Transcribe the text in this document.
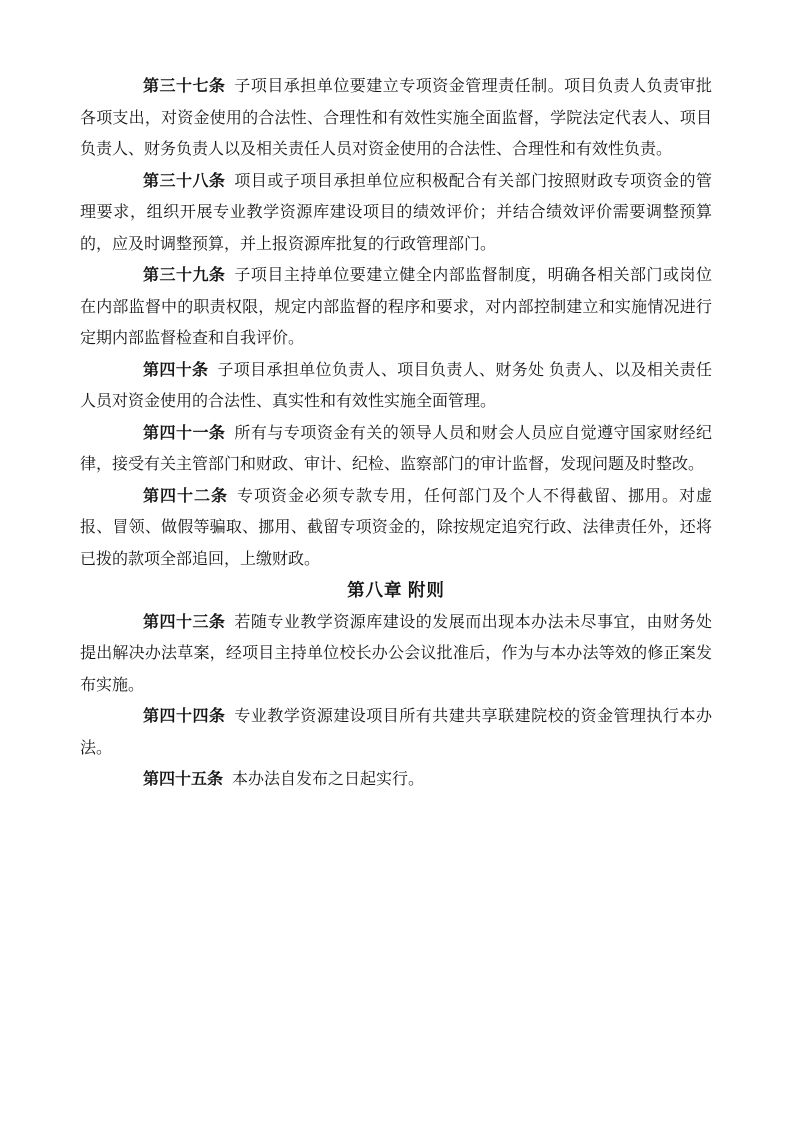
第三十七条 子项目承担单位要建立专项资金管理责任制。项目负责人负责审批各项支出，对资金使用的合法性、合理性和有效性实施全面监督，学院法定代表人、项目负责人、财务负责人以及相关责任人员对资金使用的合法性、合理性和有效性负责。

第三十八条 项目或子项目承担单位应积极配合有关部门按照财政专项资金的管理要求，组织开展专业教学资源库建设项目的绩效评价；并结合绩效评价需要调整预算的，应及时调整预算，并上报资源库批复的行政管理部门。

第三十九条 子项目主持单位要建立健全内部监督制度，明确各相关部门或岗位在内部监督中的职责权限，规定内部监督的程序和要求，对内部控制建立和实施情况进行定期内部监督检查和自我评价。

第四十条 子项目承担单位负责人、项目负责人、财务处 负责人、以及相关责任人员对资金使用的合法性、真实性和有效性实施全面管理。

第四十一条 所有与专项资金有关的领导人员和财会人员应自觉遵守国家财经纪律，接受有关主管部门和财政、审计、纪检、监察部门的审计监督，发现问题及时整改。

第四十二条 专项资金必须专款专用，任何部门及个人不得截留、挪用。对虚报、冒领、做假等骗取、挪用、截留专项资金的，除按规定追究行政、法律责任外，还将已拨的款项全部追回，上缴财政。

第八章 附则

第四十三条 若随专业教学资源库建设的发展而出现本办法未尽事宜，由财务处提出解决办法草案，经项目主持单位校长办公会议批准后，作为与本办法等效的修正案发布实施。

第四十四条 专业教学资源建设项目所有共建共享联建院校的资金管理执行本办法。

第四十五条 本办法自发布之日起实行。
